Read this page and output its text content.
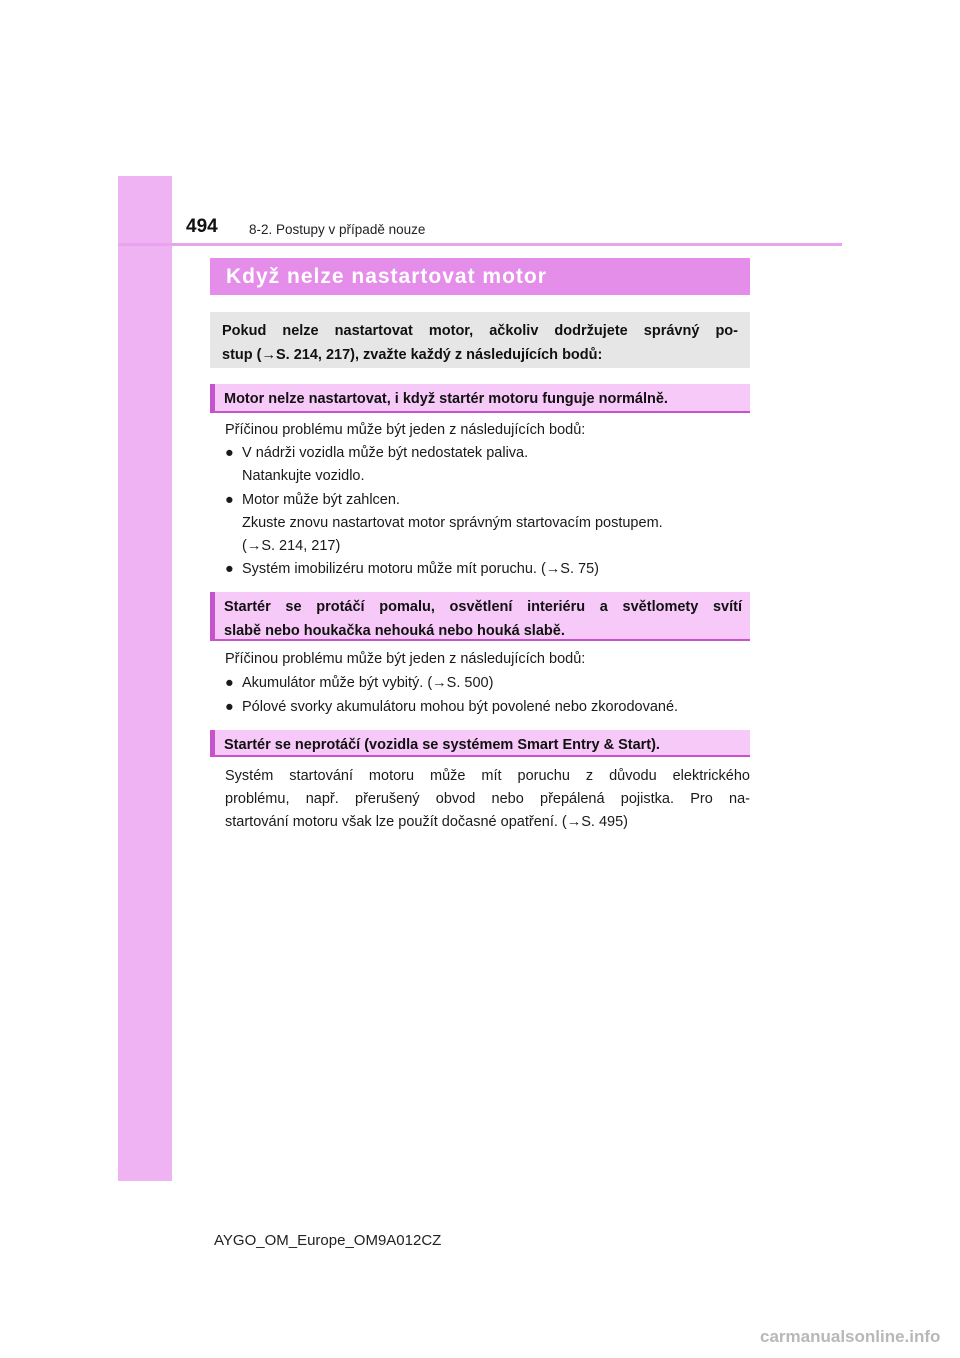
494 8-2. Postupy v případě nouze
Když nelze nastartovat motor
Pokud nelze nastartovat motor, ačkoliv dodržujete správný po-
stup (→S. 214, 217), zvažte každý z následujících bodů:
Motor nelze nastartovat, i když startér motoru funguje normálně.
Příčinou problému může být jeden z následujících bodů:
● V nádrži vozidla může být nedostatek paliva.
Natankujte vozidlo.
● Motor může být zahlcen.
Zkuste znovu nastartovat motor správným startovacím postupem.
(→S. 214, 217)
● Systém imobilizéru motoru může mít poruchu. (→S. 75)
Startér se protáčí pomalu, osvětlení interiéru a světlomety svítí
slabě nebo houkačka nehouká nebo houká slabě.
Příčinou problému může být jeden z následujících bodů:
● Akumulátor může být vybitý. (→S. 500)
● Pólové svorky akumulátoru mohou být povolené nebo zkorodované.
Startér se neprotáčí (vozidla se systémem Smart Entry & Start).
Systém startování motoru může mít poruchu z důvodu elektrického
problému, např. přerušený obvod nebo přepálená pojistka. Pro na-
startování motoru však lze použít dočasné opatření. (→S. 495)
AYGO_OM_Europe_OM9A012CZ
carmanualsonline.info
